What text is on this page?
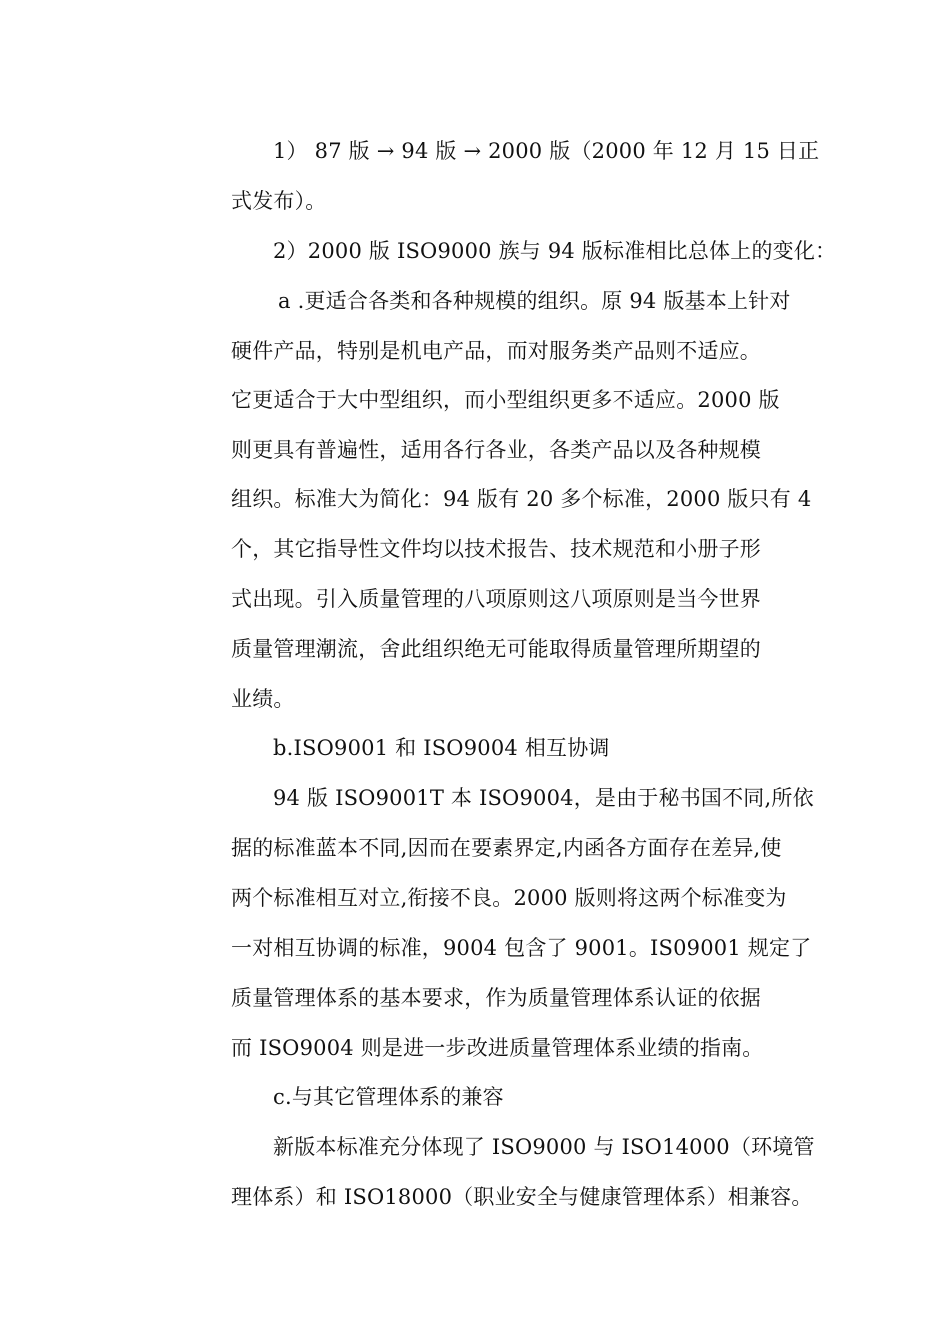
1） 87 版 → 94 版 → 2000 版（2000 年 12 月 15 日正
式发布）。
2）2000 版 ISO9000 族与 94 版标准相比总体上的变化：
a .更适合各类和各种规模的组织。原 94 版基本上针对
硬件产品，特别是机电产品，而对服务类产品则不适应。
它更适合于大中型组织，而小型组织更多不适应。2000 版
则更具有普遍性，适用各行各业，各类产品以及各种规模
组织。标准大为简化：94 版有 20 多个标准，2000 版只有 4
个，其它指导性文件均以技术报告、技术规范和小册子形
式出现。引入质量管理的八项原则这八项原则是当今世界
质量管理潮流，舍此组织绝无可能取得质量管理所期望的
业绩。
b.ISO9001 和 ISO9004 相互协调
94 版 ISO9001T 本 ISO9004，是由于秘书国不同,所依
据的标准蓝本不同,因而在要素界定,内函各方面存在差异,使
两个标准相互对立,衔接不良。2000 版则将这两个标准变为
一对相互协调的标准，9004 包含了 9001。IS09001 规定了
质量管理体系的基本要求，作为质量管理体系认证的依据
而 ISO9004 则是进一步改进质量管理体系业绩的指南。
c.与其它管理体系的兼容
新版本标准充分体现了 ISO9000 与 ISO14000（环境管
理体系）和 ISO18000（职业安全与健康管理体系）相兼容。
